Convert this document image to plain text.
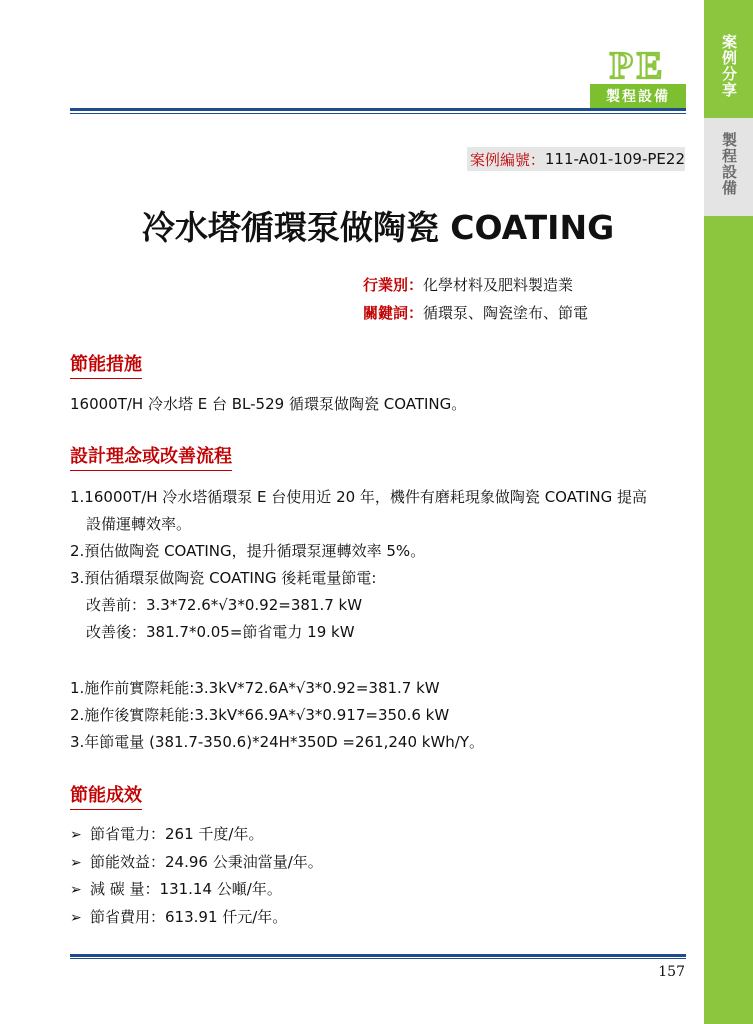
案例分享
製程設備
PE
製程設備
案例編號： 111-A01-109-PE22
冷水塔循環泵做陶瓷 COATING
行業別：化學材料及肥料製造業
關鍵詞：循環泵、陶瓷塗布、節電
節能措施
16000T/H 冷水塔 E 台 BL-529 循環泵做陶瓷 COATING。
設計理念或改善流程
1.16000T/H 冷水塔循環泵 E 台使用近 20 年，機件有磨耗現象做陶瓷 COATING 提高
設備運轉效率。
2.預估做陶瓷 COATING，提升循環泵運轉效率 5%。
3.預估循環泵做陶瓷 COATING 後耗電量節電:
改善前：3.3*72.6*√3*0.92=381.7 kW
改善後：381.7*0.05=節省電力 19 kW
1.施作前實際耗能:3.3kV*72.6A*√3*0.92=381.7 kW
2.施作後實際耗能:3.3kV*66.9A*√3*0.917=350.6 kW
3.年節電量 (381.7-350.6)*24H*350D =261,240 kWh/Y。
節能成效
➢ 節省電力：261 千度/年。
➢ 節能效益：24.96 公秉油當量/年。
➢ 減 碳 量：131.14 公噸/年。
➢ 節省費用：613.91 仟元/年。
157
